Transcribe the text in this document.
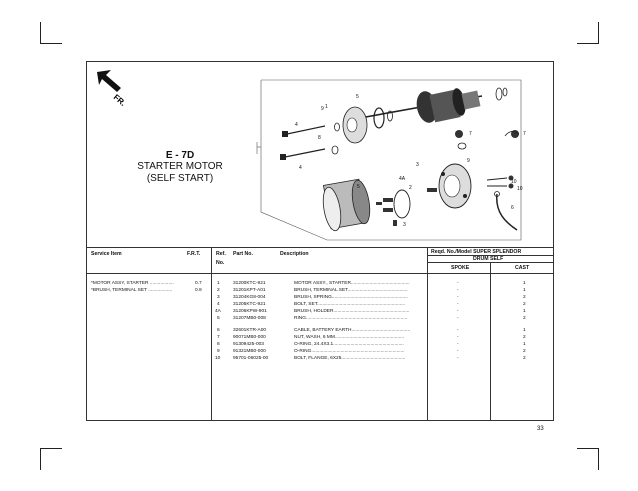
FR.	1
2
3
3
4
4
4A
5
5
6
7	7
8
9
9
10
10
E - 7D
STARTER MOTOR
(SELF START)
Service Item	F.R.T.	Ref.
No.
Part No.	Description	Reqd. No./Model SUPER SPLENDOR
DRUM SELF
SPOKE	CAST
*MOTOR ASSY, STARTER ..................	0.7
*BRUSH, TERMINAL SET ..................	0.9
1	31200KTC-921	MOTOR ASSY., STARTER............................................	-	1
2	31201KPT-A01	BRUSH, TERMINAL SET.............................................	-	1
3	31204KG8-004	BRUSH, SPRING.........................................................	-	2
4	31205KTC-921	BOLT, SET..................................................................	-	2
4A	31206KPW-901	BRUSH, HOLDER.........................................................	-	1
5	31207MB0-008	RING............................................................................	-	2
6	32601KTR-A00	CABLE, BATTERY EARTH............................................	-	1
7	90071MB0-000	NUT, WASH, 6 MM....................................................	-	2
8	91309425-003	O-RING, 24.4X3.1.....................................................	-	1
9	91321MB0-000	O-RING......................................................................	-	2
10	95701-06025-00	BOLT, FLANGE, 6X25................................................	-	2
33
